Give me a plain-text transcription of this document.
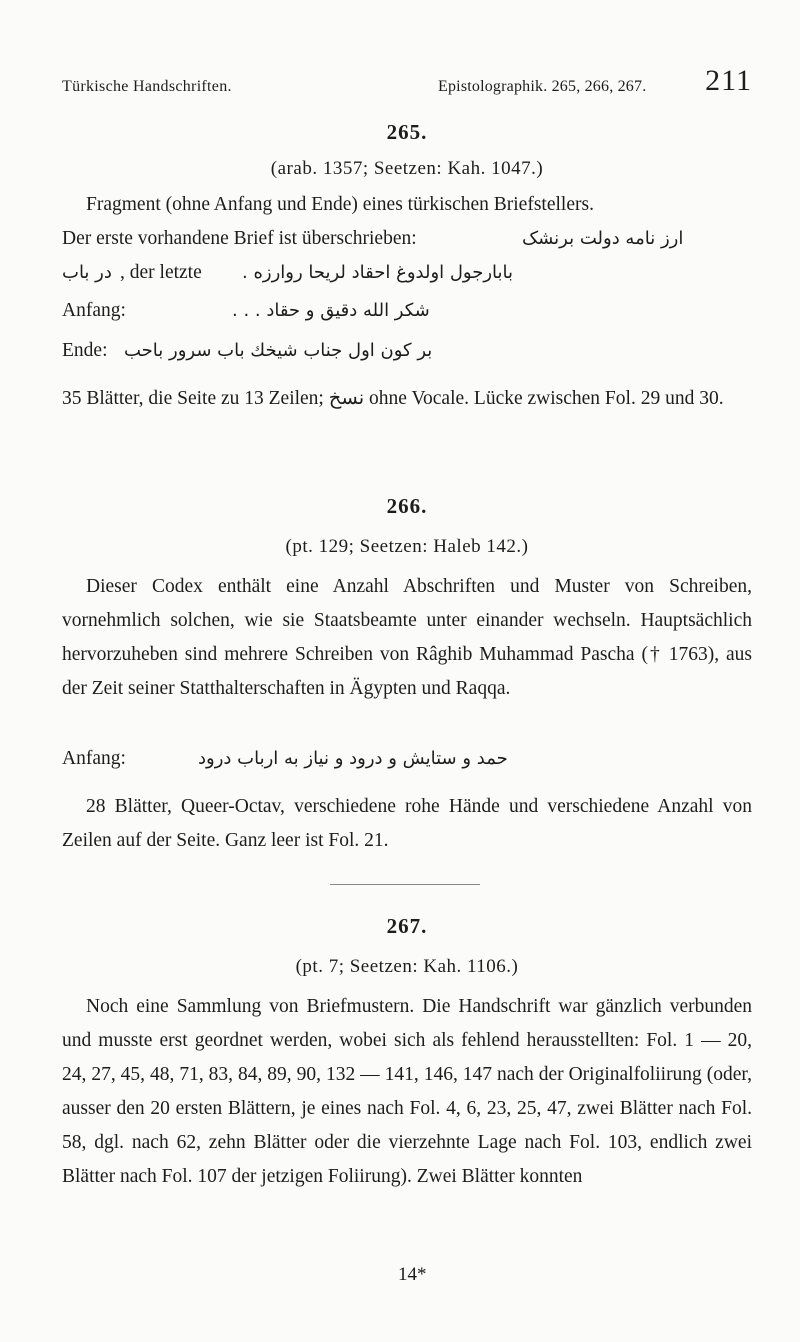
Türkische Handschriften.	Epistolographik. 265, 266, 267. 211
265.
(arab. 1357; Seetzen: Kah. 1047.)
Fragment (ohne Anfang und Ende) eines türkischen Briefstellers.
Der erste vorhandene Brief ist überschrieben:	ارز نامه دولت برنشک
ﺩﺭ ﺑﺎﺏ , der letzte ﺑﺎﺑﺎﺭﺟﻮﻝ ﺍﻭﻟﺪﻭﻍ ﺍﺣﻘﺎﺩ ﻟﺮﻳﺤﺎ ﺭﻭﺍﺭﺯﻩ .
Anfang:	ﺷﻜﺮ ﺍﻟﻠﻪ ﺩﻗﻴﻖ ﻭ ﺣﻘﺎﺩ . . .
Ende: ﺑﺮ ﻛﻮﻥ ﺍﻭﻝ ﺟﻨﺎﺏ ﺷﻴﺨﻚ ﺑﺎﺏ ﺳﺮﻭﺭ ﺑﺎﺣﺐ
35 Blätter, die Seite zu 13 Zeilen; نسخ ohne Vocale. Lücke zwischen Fol. 29 und 30.
266.
(pt. 129; Seetzen: Haleb 142.)
Dieser Codex enthält eine Anzahl Abschriften und Muster von Schreiben, vornehmlich solchen, wie sie Staatsbeamte unter einander wechseln. Hauptsächlich hervorzuheben sind mehrere Schreiben von Râghib Muhammad Pascha († 1763), aus der Zeit seiner Statthalterschaften in Ägypten und Raqqa.
Anfang:	ﺣﻤﺪ ﻭ ﺳﺘﺎﻳﺶ ﻭ ﺩﺭﻭﺩ ﻭ ﻧﻴﺎﺯ ﺑﻪ ﺍﺭﺑﺎﺏ ﺩﺭﻭﺩ
28 Blätter, Queer-Octav, verschiedene rohe Hände und verschiedene Anzahl von Zeilen auf der Seite. Ganz leer ist Fol. 21.
267.
(pt. 7; Seetzen: Kah. 1106.)
Noch eine Sammlung von Briefmustern. Die Handschrift war gänzlich verbunden und musste erst geordnet werden, wobei sich als fehlend herausstellten: Fol. 1 — 20, 24, 27, 45, 48, 71, 83, 84, 89, 90, 132 — 141, 146, 147 nach der Originalfoliirung (oder, ausser den 20 ersten Blättern, je eines nach Fol. 4, 6, 23, 25, 47, zwei Blätter nach Fol. 58, dgl. nach 62, zehn Blätter oder die vierzehnte Lage nach Fol. 103, endlich zwei Blätter nach Fol. 107 der jetzigen Foliirung). Zwei Blätter konnten
14*
